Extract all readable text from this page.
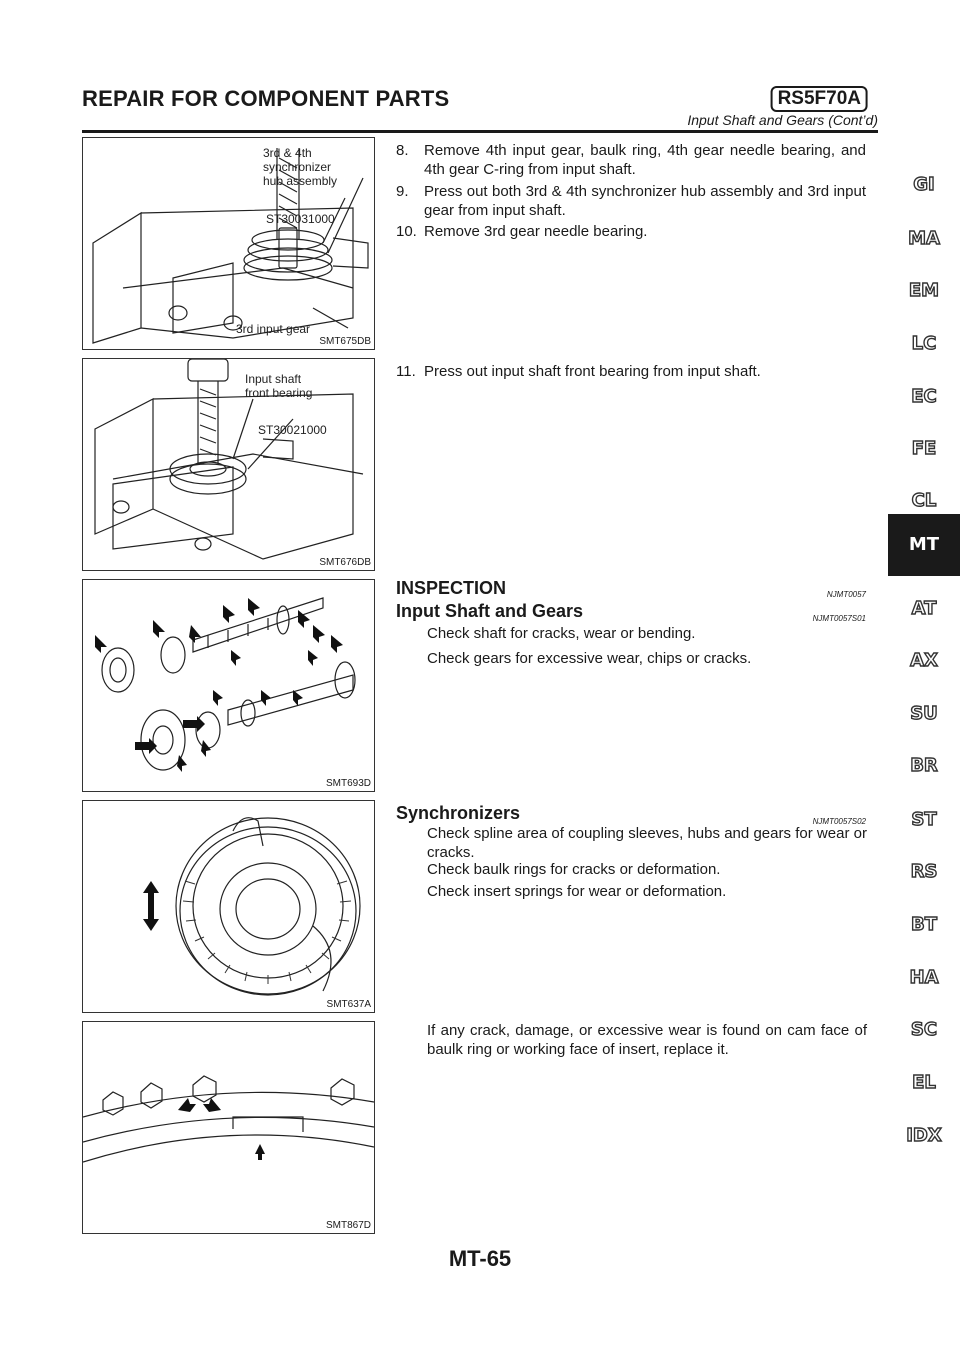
REPAIR FOR COMPONENT PARTS	RS5F70A
Input Shaft and Gears (Cont’d)
3rd & 4th
synchronizer
hub assembly
ST30031000
3rd input gear
SMT675DB
Input shaft
front bearing
ST30021000
SMT676DB
SMT693D
SMT637A
SMT867D
8. Remove 4th input gear, baulk ring, 4th gear needle bearing, and 4th gear C-ring from input shaft.
9. Press out both 3rd & 4th synchronizer hub assembly and 3rd input gear from input shaft.
10. Remove 3rd gear needle bearing.
11. Press out input shaft front bearing from input shaft.
INSPECTION	NJMT0057
Input Shaft and Gears	NJMT0057S01
Check shaft for cracks, wear or bending.
Check gears for excessive wear, chips or cracks.
Synchronizers	NJMT0057S02
Check spline area of coupling sleeves, hubs and gears for wear or cracks.
Check baulk rings for cracks or deformation.
Check insert springs for wear or deformation.
If any crack, damage, or excessive wear is found on cam face of baulk ring or working face of insert, replace it.
GI
MA
EM
LC
EC
FE
CL
MT
AT
AX
SU
BR
ST
RS
BT
HA
SC
EL
IDX
MT-65
